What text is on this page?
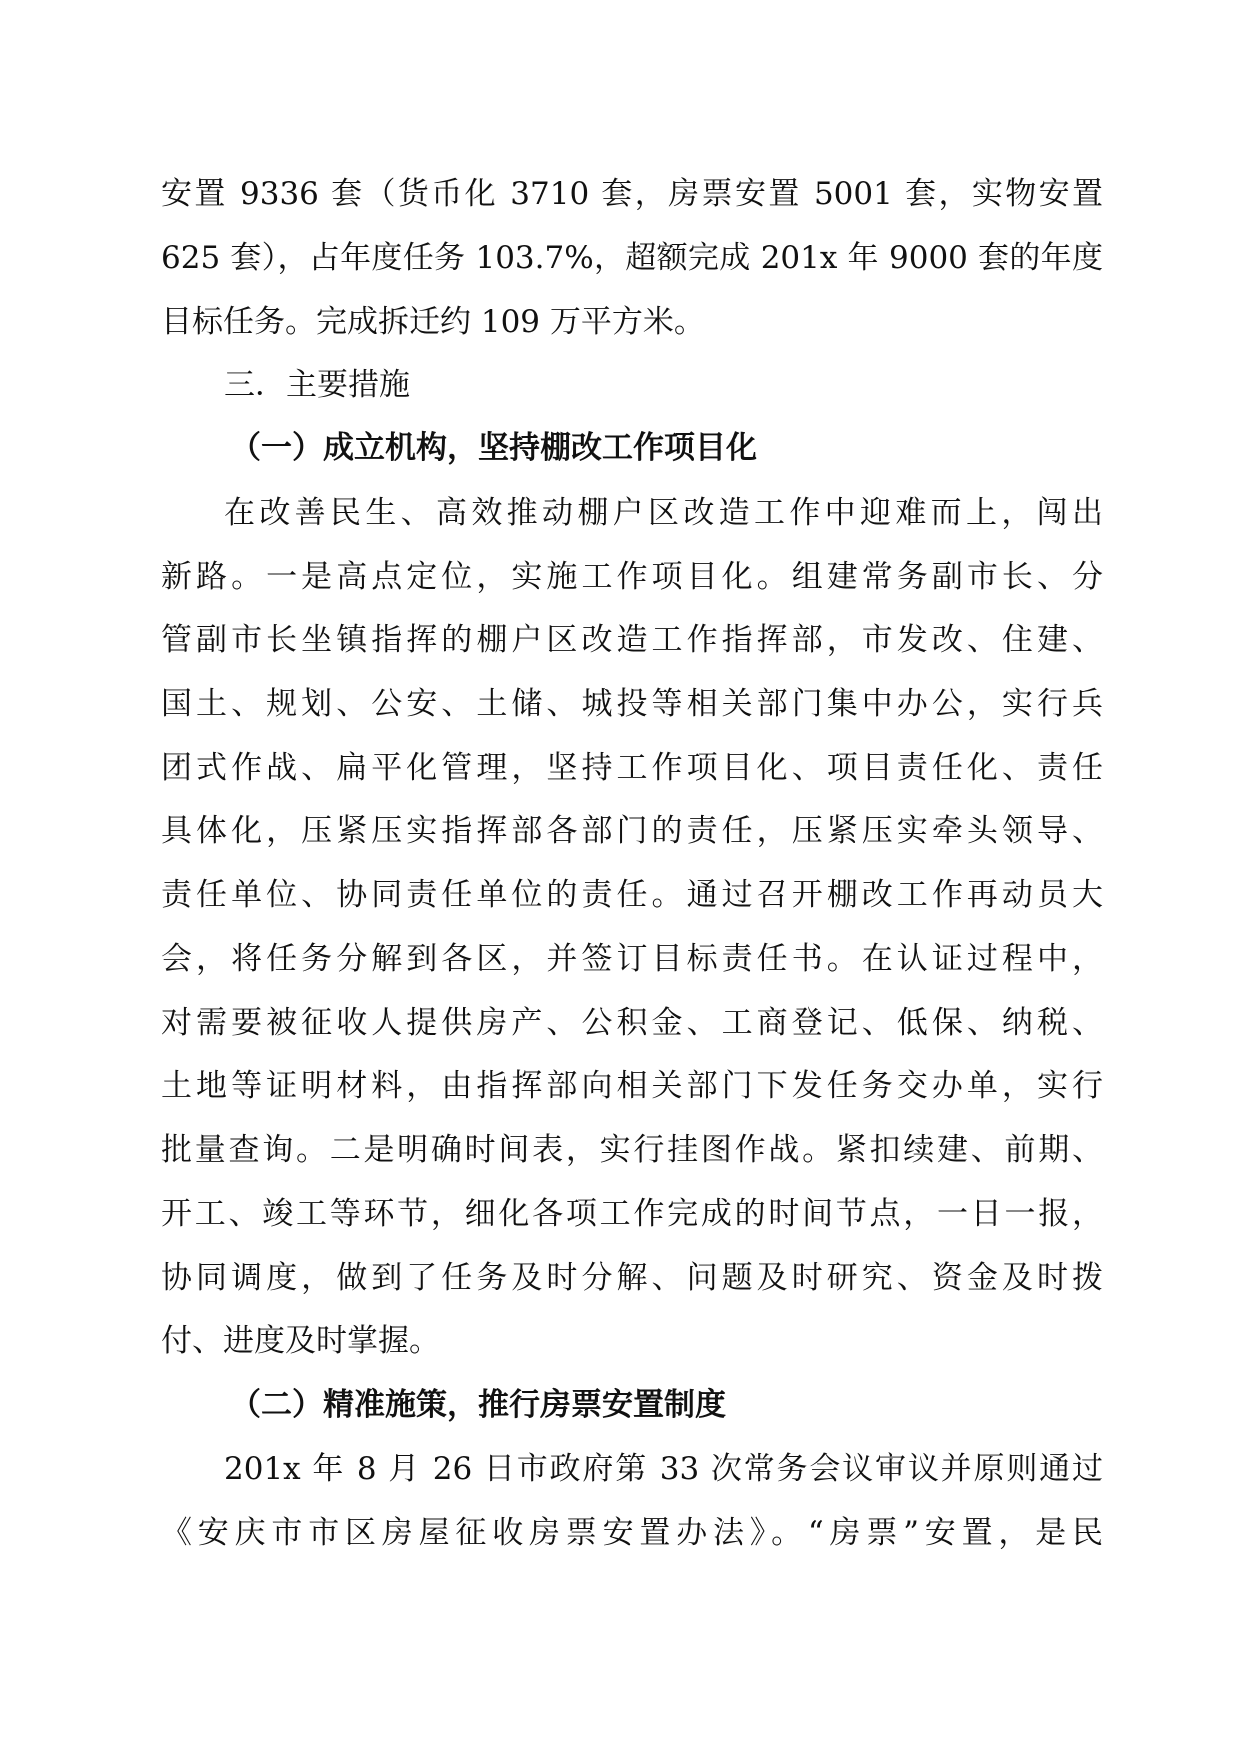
安置 9336 套（货币化 3710 套，房票安置 5001 套，实物安置
625 套），占年度任务 103.7%，超额完成 201x 年 9000 套的年度
目标任务。完成拆迁约 109 万平方米。
三．主要措施
（一）成立机构，坚持棚改工作项目化
在改善民生、高效推动棚户区改造工作中迎难而上，闯出
新路。一是高点定位，实施工作项目化。组建常务副市长、分
管副市长坐镇指挥的棚户区改造工作指挥部，市发改、住建、
国土、规划、公安、土储、城投等相关部门集中办公，实行兵
团式作战、扁平化管理，坚持工作项目化、项目责任化、责任
具体化，压紧压实指挥部各部门的责任，压紧压实牵头领导、
责任单位、协同责任单位的责任。通过召开棚改工作再动员大
会，将任务分解到各区，并签订目标责任书。在认证过程中，
对需要被征收人提供房产、公积金、工商登记、低保、纳税、
土地等证明材料，由指挥部向相关部门下发任务交办单，实行
批量查询。二是明确时间表，实行挂图作战。紧扣续建、前期、
开工、竣工等环节，细化各项工作完成的时间节点，一日一报，
协同调度，做到了任务及时分解、问题及时研究、资金及时拨
付、进度及时掌握。
（二）精准施策，推行房票安置制度
201x 年 8 月 26 日市政府第 33 次常务会议审议并原则通过
《安庆市市区房屋征收房票安置办法》。“房票”安置，是民
